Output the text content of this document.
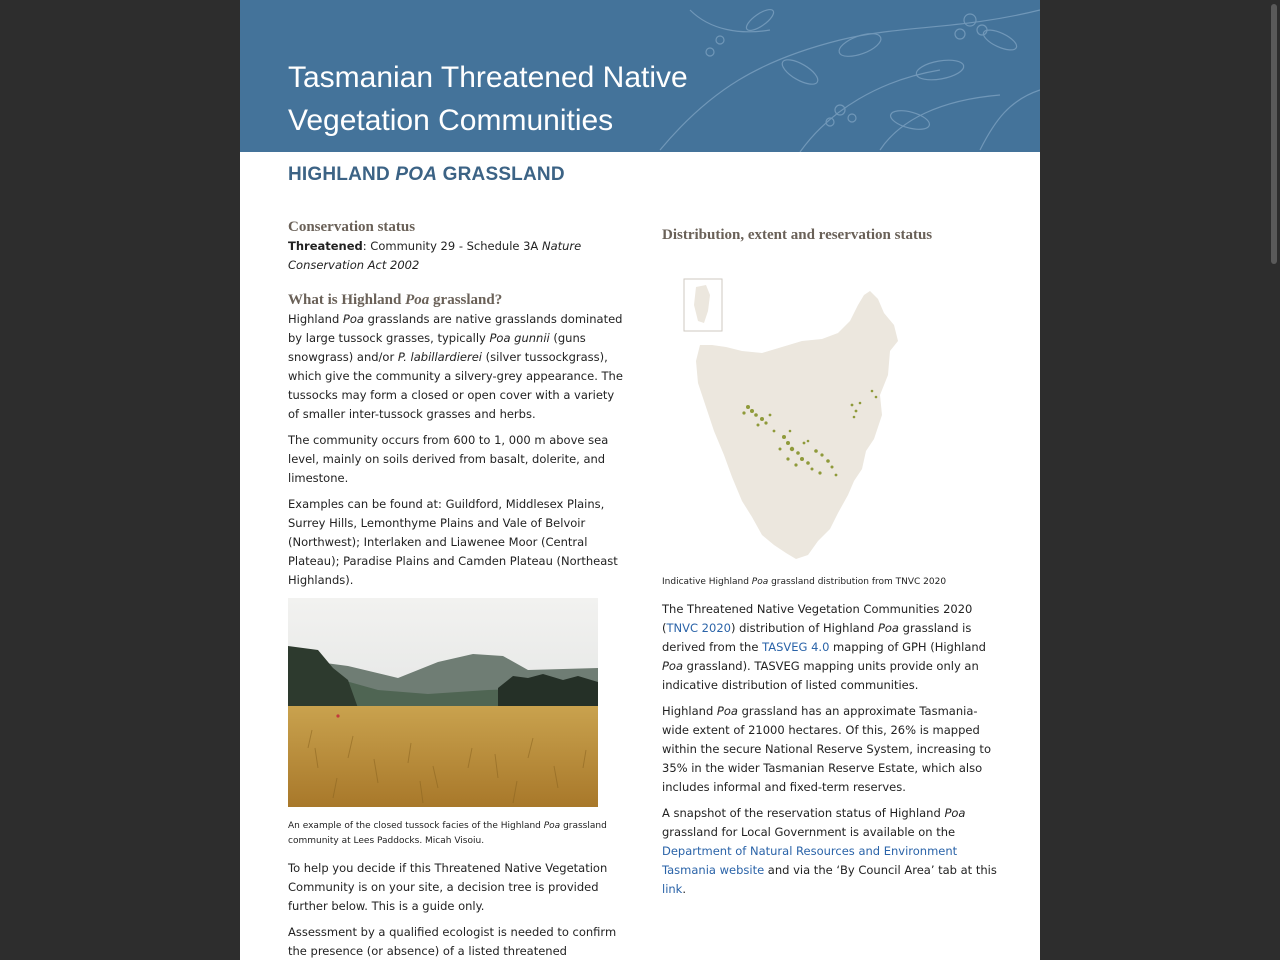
Tasmanian Threatened Native
Vegetation Communities
HIGHLAND POA GRASSLAND
Conservation status

Threatened: Community 29 - Schedule 3A Nature Conservation Act 2002

What is Highland Poa grassland?

Highland Poa grasslands are native grasslands dominated by large tussock grasses, typically Poa gunnii (guns snowgrass) and/or P. labillardierei (silver tussockgrass), which give the community a silvery-grey appearance. The tussocks may form a closed or open cover with a variety of smaller inter-tussock grasses and herbs.

The community occurs from 600 to 1, 000 m above sea level, mainly on soils derived from basalt, dolerite, and limestone.

Examples can be found at: Guildford, Middlesex Plains, Surrey Hills, Lemonthyme Plains and Vale of Belvoir (Northwest); Interlaken and Liawenee Moor (Central Plateau); Paradise Plains and Camden Plateau (Northeast Highlands).

An example of the closed tussock facies of the Highland Poa grassland community at Lees Paddocks. Micah Visoiu.

To help you decide if this Threatened Native Vegetation Community is on your site, a decision tree is provided further below. This is a guide only.

Assessment by a qualified ecologist is needed to confirm the presence (or absence) of a listed threatened

Distribution, extent and reservation status

Indicative Highland Poa grassland distribution from TNVC 2020

The Threatened Native Vegetation Communities 2020 (TNVC 2020) distribution of Highland Poa grassland is derived from the TASVEG 4.0 mapping of GPH (Highland Poa grassland). TASVEG mapping units provide only an indicative distribution of listed communities.

Highland Poa grassland has an approximate Tasmania-wide extent of 21000 hectares. Of this, 26% is mapped within the secure National Reserve System, increasing to 35% in the wider Tasmanian Reserve Estate, which also includes informal and fixed-term reserves.

A snapshot of the reservation status of Highland Poa grassland for Local Government is available on the Department of Natural Resources and Environment Tasmania website and via the ‘By Council Area’ tab at this link.
